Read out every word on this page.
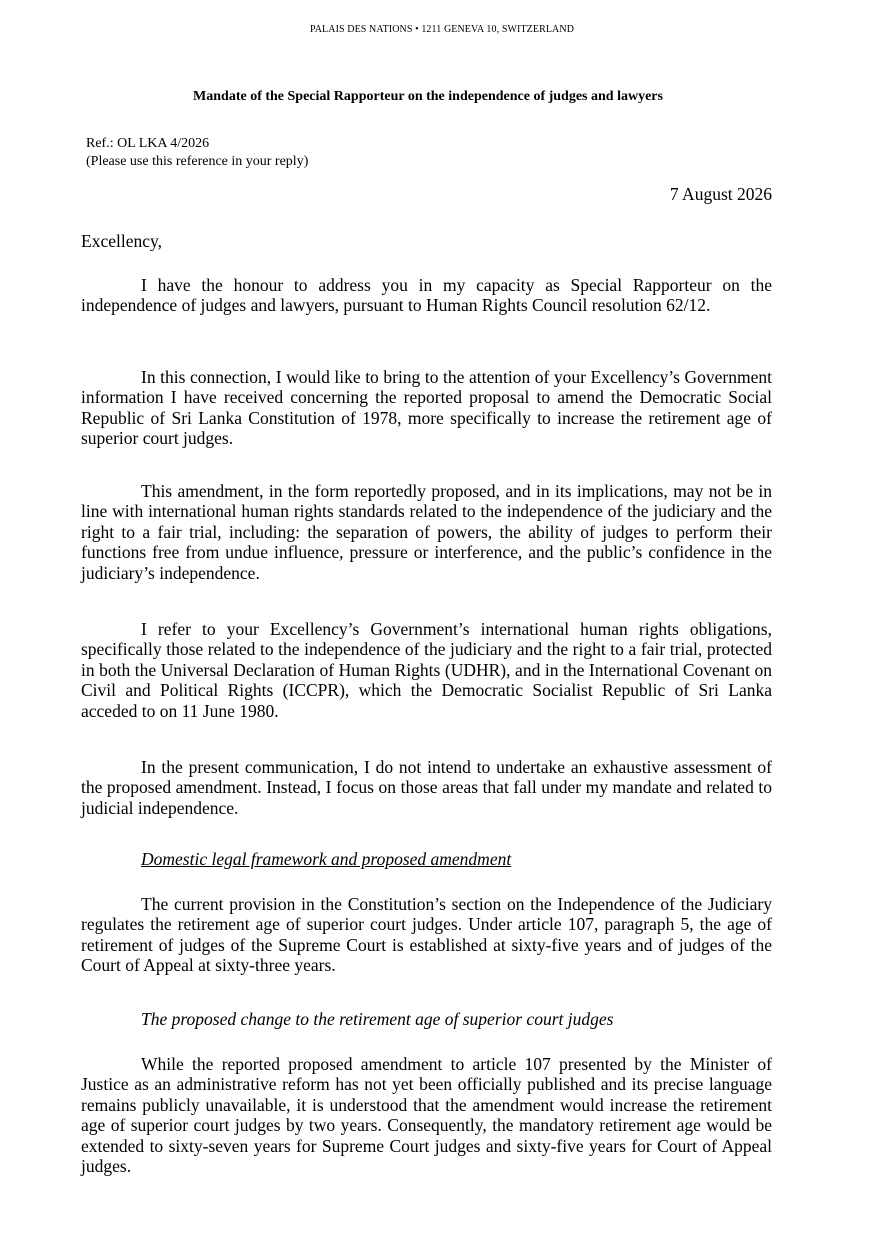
PALAIS DES NATIONS • 1211 GENEVA 10, SWITZERLAND
Mandate of the Special Rapporteur on the independence of judges and lawyers
Ref.: OL LKA 4/2026
(Please use this reference in your reply)
7 August 2026
Excellency,

I have the honour to address you in my capacity as Special Rapporteur on the independence of judges and lawyers, pursuant to Human Rights Council resolution 62/12.

In this connection, I would like to bring to the attention of your Excellency’s Government information I have received concerning the reported proposal to amend the Democratic Social Republic of Sri Lanka Constitution of 1978, more specifically to increase the retirement age of superior court judges.

This amendment, in the form reportedly proposed, and in its implications, may not be in line with international human rights standards related to the independence of the judiciary and the right to a fair trial, including: the separation of powers, the ability of judges to perform their functions free from undue influence, pressure or interference, and the public’s confidence in the judiciary’s independence.

I refer to your Excellency’s Government’s international human rights obligations, specifically those related to the independence of the judiciary and the right to a fair trial, protected in both the Universal Declaration of Human Rights (UDHR), and in the International Covenant on Civil and Political Rights (ICCPR), which the Democratic Socialist Republic of Sri Lanka acceded to on 11 June 1980.

In the present communication, I do not intend to undertake an exhaustive assessment of the proposed amendment. Instead, I focus on those areas that fall under my mandate and related to judicial independence.

Domestic legal framework and proposed amendment

The current provision in the Constitution’s section on the Independence of the Judiciary regulates the retirement age of superior court judges. Under article 107, paragraph 5, the age of retirement of judges of the Supreme Court is established at sixty-five years and of judges of the Court of Appeal at sixty-three years.

The proposed change to the retirement age of superior court judges

While the reported proposed amendment to article 107 presented by the Minister of Justice as an administrative reform has not yet been officially published and its precise language remains publicly unavailable, it is understood that the amendment would increase the retirement age of superior court judges by two years. Consequently, the mandatory retirement age would be extended to sixty-seven years for Supreme Court judges and sixty-five years for Court of Appeal judges.
